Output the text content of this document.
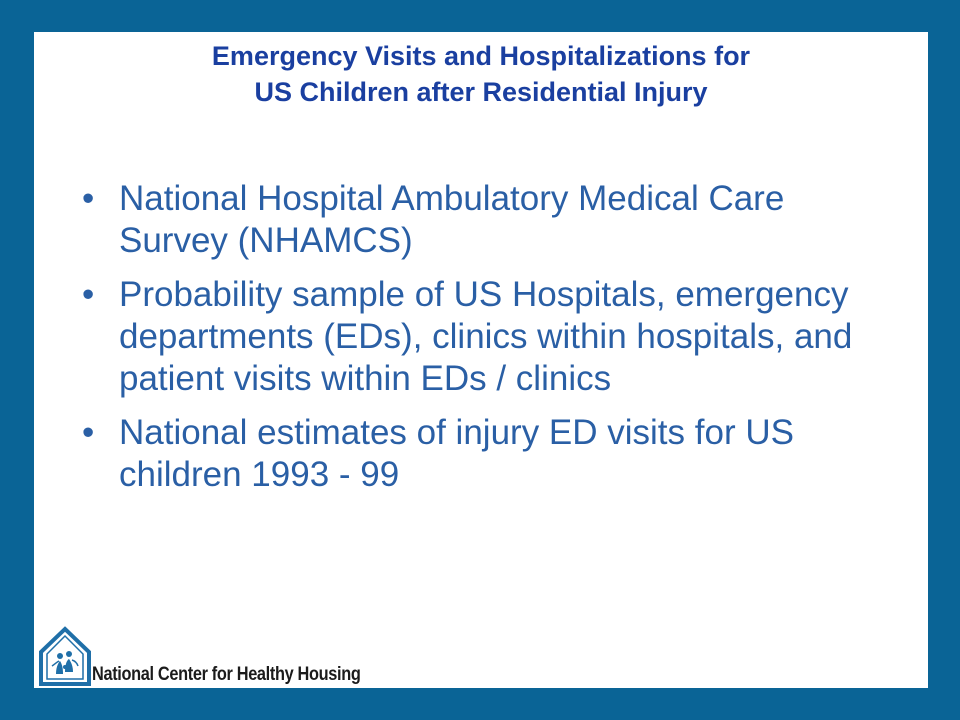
Emergency Visits and Hospitalizations for
US Children after Residential Injury
• National Hospital Ambulatory Medical Care Survey (NHAMCS)
• Probability sample of US Hospitals, emergency departments (EDs), clinics within hospitals, and patient visits within EDs / clinics
• National estimates of injury ED visits for US children 1993 - 99
National Center for Healthy Housing
